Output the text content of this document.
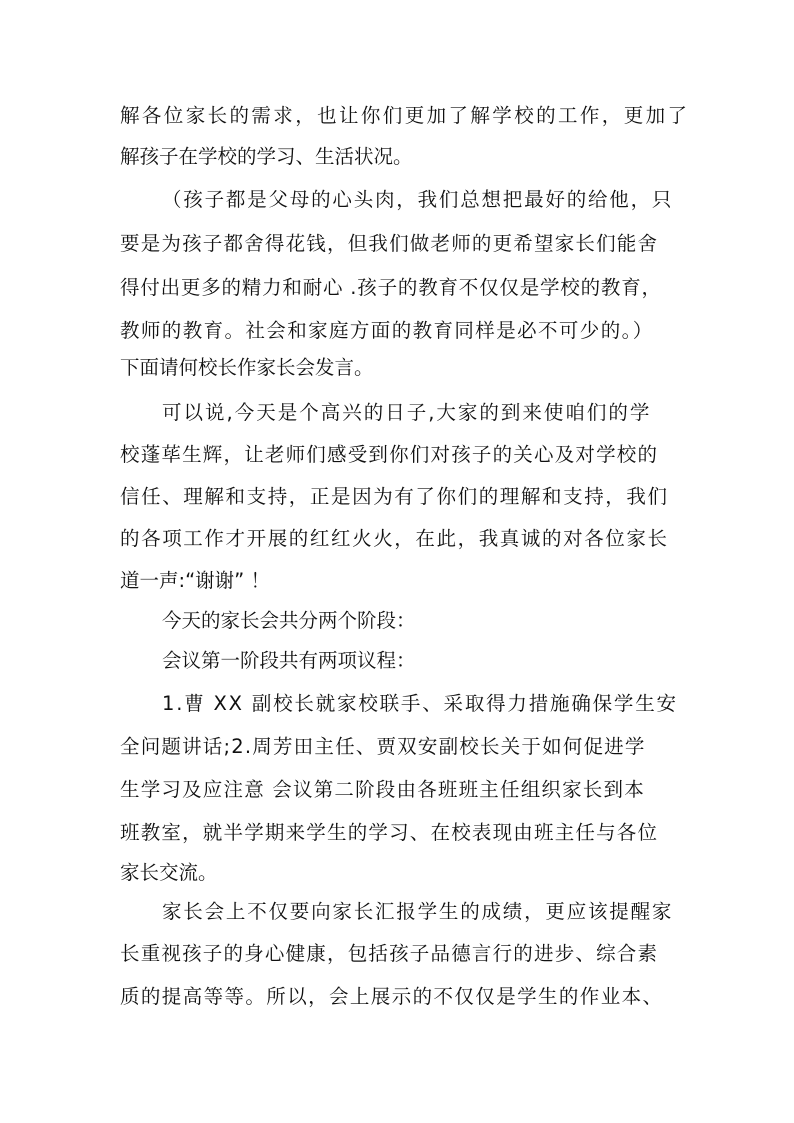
解各位家长的需求，也让你们更加了解学校的工作，更加了
解孩子在学校的学习、生活状况。
（孩子都是父母的心头肉，我们总想把最好的给他，只
要是为孩子都舍得花钱，但我们做老师的更希望家长们能舍
得付出更多的精力和耐心 .孩子的教育不仅仅是学校的教育，
教师的教育。社会和家庭方面的教育同样是必不可少的。）
下面请何校长作家长会发言。
可以说,今天是个高兴的日子,大家的到来使咱们的学
校蓬荜生辉，让老师们感受到你们对孩子的关心及对学校的
信任、理解和支持，正是因为有了你们的理解和支持，我们
的各项工作才开展的红红火火，在此，我真诚的对各位家长
道一声:“谢谢” ！
今天的家长会共分两个阶段：
会议第一阶段共有两项议程：
1.曹 XX 副校长就家校联手、采取得力措施确保学生安
全问题讲话;2.周芳田主任、贾双安副校长关于如何促进学
生学习及应注意 会议第二阶段由各班班主任组织家长到本
班教室，就半学期来学生的学习、在校表现由班主任与各位
家长交流。
家长会上不仅要向家长汇报学生的成绩，更应该提醒家
长重视孩子的身心健康，包括孩子品德言行的进步、综合素
质的提高等等。所以，会上展示的不仅仅是学生的作业本、
